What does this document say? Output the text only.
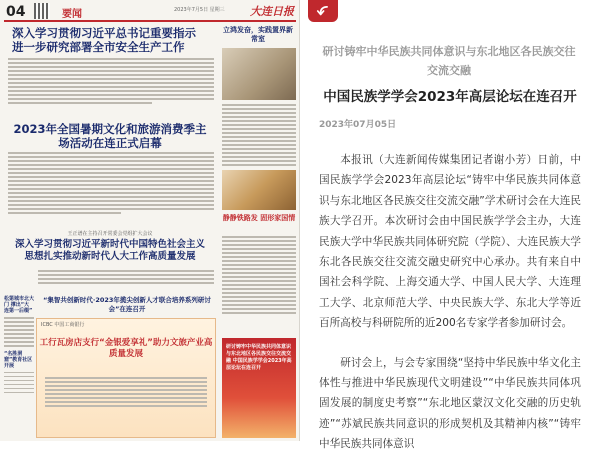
04	要闻	2023年7月5日 星期三 大连日报
深入学习贯彻习近平总书记重要指示 进一步研究部署全市安全生产工作
2023年全国暑期文化和旅游消费季主场活动在连正式启幕
王正谱在主持召开常委会党组扩大会议
深入学习贯彻习近平新时代中国特色社会主义思想扎实推动新时代人大工作高质量发展
“集智共创新时代·2023年揽尖创新人才联合培养系列研讨会”在连召开
松第城市北大门 撑出“大连第一后缀”
“名胜洞窟”教育社区开展
ICBC 中国工商银行
工行瓦房店支行“金银爱享礼”助力文旅产业高质量发展
立鸿发奋，实践置界新常室
静静铁路发 固形家国情
研讨铸牢中华民族共同体意识与东北地区各民族交往交流交融 中国民族学学会2023年高层论坛在连召开
研讨铸牢中华民族共同体意识与东北地区各民族交往交流交融
中国民族学学会2023年高层论坛在连召开
2023年07月05日

本报讯（大连新闻传媒集团记者谢小芳）日前，中国民族学学会2023年高层论坛“铸牢中华民族共同体意识与东北地区各民族交往交流交融”学术研讨会在大连民族大学召开。本次研讨会由中国民族学学会主办，大连民族大学中华民族共同体研究院（学院）、大连民族大学东北各民族交往交流交融史研究中心承办。共有来自中国社会科学院、上海交通大学、中国人民大学、大连理工大学、北京师范大学、中央民族大学、东北大学等近百所高校与科研院所的近200名专家学者参加研讨会。

研讨会上，与会专家围绕“坚持中华民族中华文化主体性与推进中华民族现代文明建设”“中华民族共同体巩固发展的制度史考察”“东北地区蒙汉文化交融的历史轨迹”“苏斌民族共同意识的形成契机及其精神内核”“铸牢中华民族共同体意识
